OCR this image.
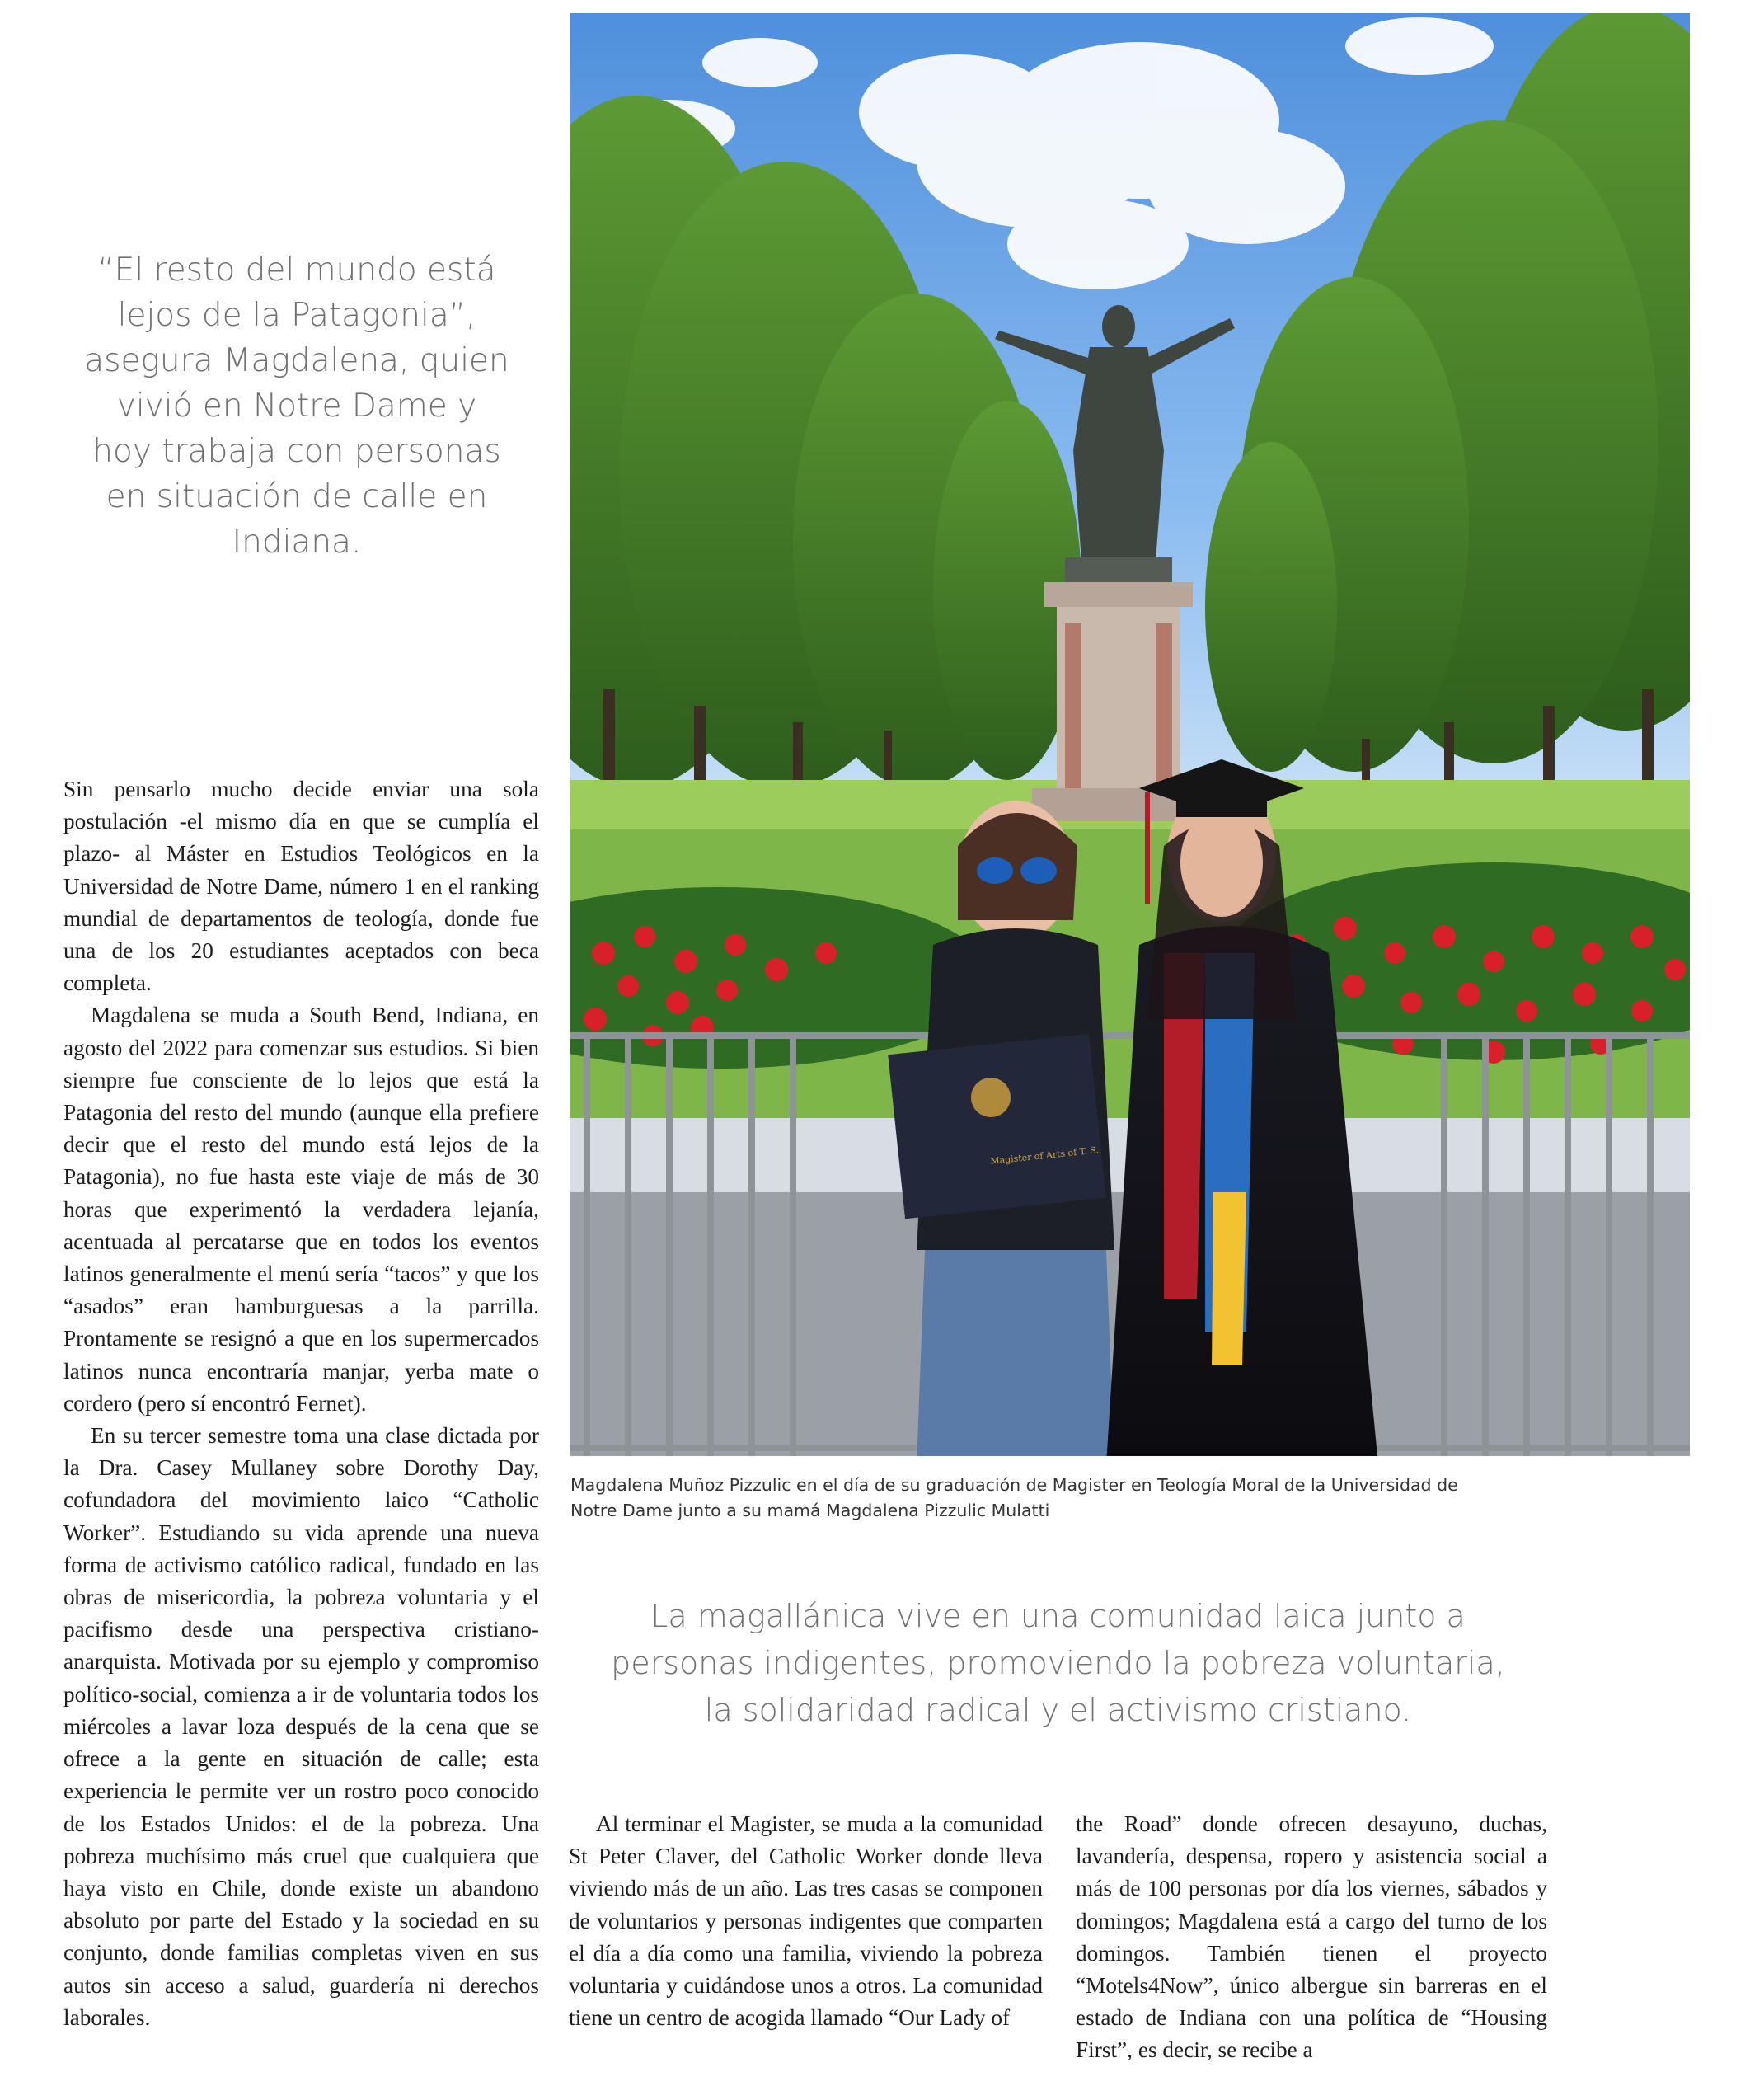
“El resto del mundo está lejos de la Patagonia”, asegura Magdalena, quien vivió en Notre Dame y hoy trabaja con personas en situación de calle en Indiana.

Sin pensarlo mucho decide enviar una sola postulación -el mismo día en que se cumplía el plazo- al Máster en Estudios Teológicos en la Universidad de Notre Dame, número 1 en el ranking mundial de departamentos de teología, donde fue una de los 20 estudiantes aceptados con beca completa.

Magdalena se muda a South Bend, Indiana, en agosto del 2022 para comenzar sus estudios. Si bien siempre fue consciente de lo lejos que está la Patagonia del resto del mundo (aunque ella prefiere decir que el resto del mundo está lejos de la Patagonia), no fue hasta este viaje de más de 30 horas que experimentó la verdadera lejanía, acentuada al percatarse que en todos los eventos latinos generalmente el menú sería “tacos” y que los “asados” eran hamburguesas a la parrilla. Prontamente se resignó a que en los supermercados latinos nunca encontraría manjar, yerba mate o cordero (pero sí encontró Fernet).

En su tercer semestre toma una clase dictada por la Dra. Casey Mullaney sobre Dorothy Day, cofundadora del movimiento laico “Catholic Worker”. Estudiando su vida aprende una nueva forma de activismo católico radical, fundado en las obras de misericordia, la pobreza voluntaria y el pacifismo desde una perspectiva cristiano-anarquista. Motivada por su ejemplo y compromiso político-social, comienza a ir de voluntaria todos los miércoles a lavar loza después de la cena que se ofrece a la gente en situación de calle; esta experiencia le permite ver un rostro poco conocido de los Estados Unidos: el de la pobreza. Una pobreza muchísimo más cruel que cualquiera que haya visto en Chile, donde existe un abandono absoluto por parte del Estado y la sociedad en su conjunto, donde familias completas viven en sus autos sin acceso a salud, guardería ni derechos laborales.

Magister of Arts of T. S.

Magdalena Muñoz Pizzulic en el día de su graduación de Magister en Teología Moral de la Universidad de

Notre Dame junto a su mamá Magdalena Pizzulic Mulatti

La magallánica vive en una comunidad laica junto a

personas indigentes, promoviendo la pobreza voluntaria,

la solidaridad radical y el activismo cristiano.

Al terminar el Magister, se muda a la comunidad St Peter Claver, del Catholic Worker donde lleva viviendo más de un año. Las tres casas se componen de voluntarios y personas indigentes que comparten el día a día como una familia, viviendo la pobreza voluntaria y cuidándose unos a otros. La comunidad tiene un centro de acogida llamado “Our Lady of

the Road” donde ofrecen desayuno, duchas, lavandería, despensa, ropero y asistencia social a más de 100 personas por día los viernes, sábados y domingos; Magdalena está a cargo del turno de los domingos. También tienen el proyecto “Motels4Now”, único albergue sin barreras en el estado de Indiana con una política de “Housing First”, es decir, se recibe a
